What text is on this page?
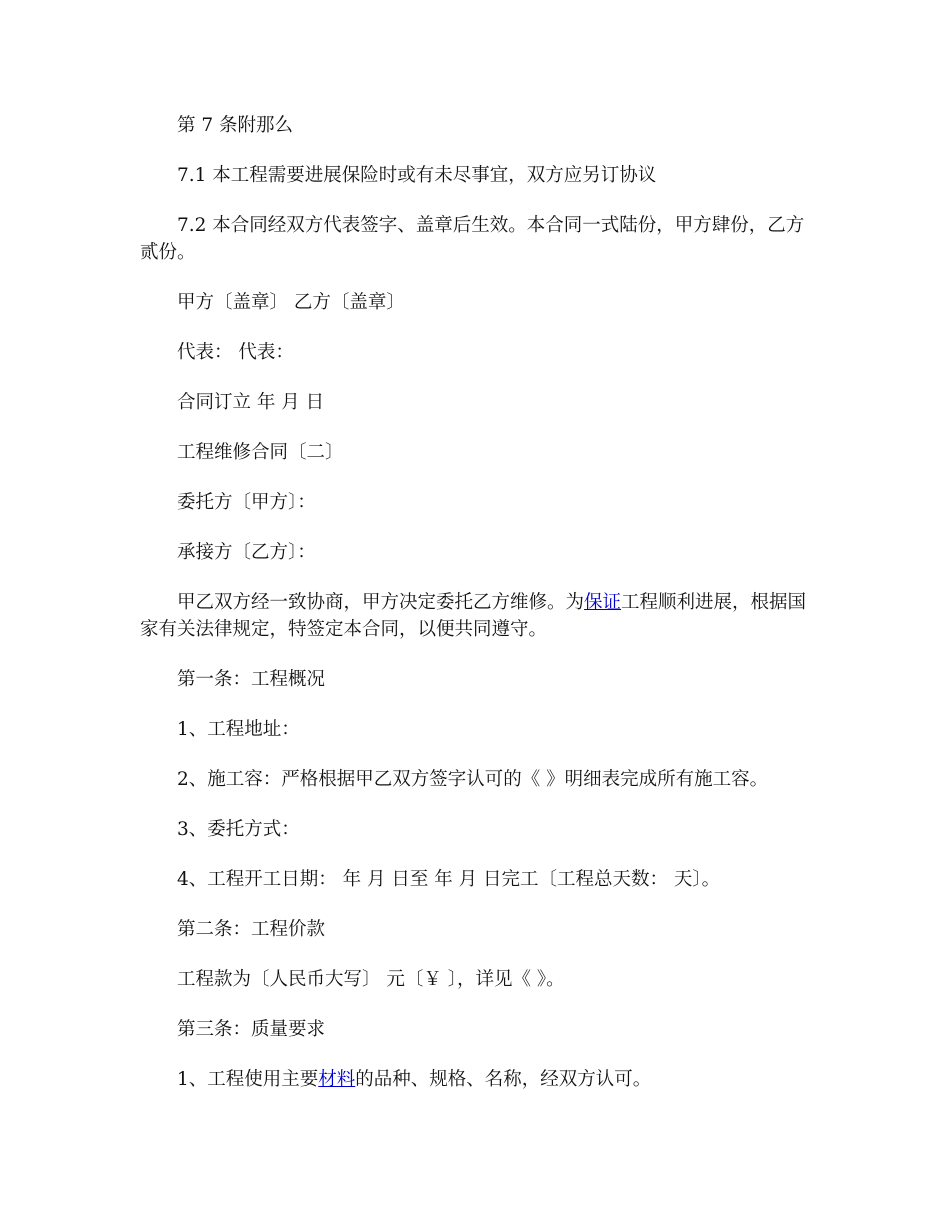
第 7 条附那么

7.1 本工程需要进展保险时或有未尽事宜，双方应另订协议

7.2 本合同经双方代表签字、盖章后生效。本合同一式陆份，甲方肆份，乙方贰份。

甲方〔盖章〕 乙方〔盖章〕

代表： 代表：

合同订立 年 月 日

工程维修合同〔二〕

委托方〔甲方〕：

承接方〔乙方〕：

甲乙双方经一致协商，甲方决定委托乙方维修。为保证工程顺利进展，根据国家有关法律规定，特签定本合同，以便共同遵守。

第一条：工程概况

1、工程地址：

2、施工容：严格根据甲乙双方签字认可的《 》明细表完成所有施工容。

3、委托方式：

4、工程开工日期： 年 月 日至 年 月 日完工〔工程总天数： 天〕。

第二条：工程价款

工程款为〔人民币大写〕 元〔￥ 〕，详见《 》。

第三条：质量要求

1、工程使用主要材料的品种、规格、名称，经双方认可。
